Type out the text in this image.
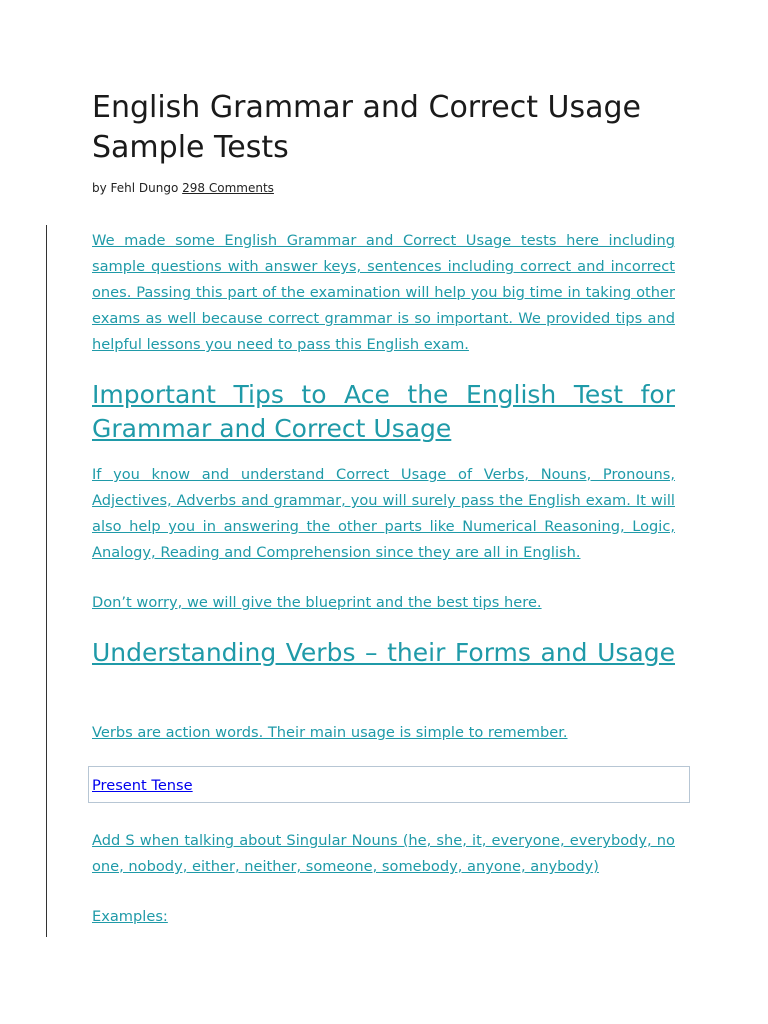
English Grammar and Correct Usage Sample Tests
by Fehl Dungo 298 Comments

We made some English Grammar and Correct Usage tests here including sample questions with answer keys, sentences including correct and incorrect ones. Passing this part of the examination will help you big time in taking other exams as well because correct grammar is so important. We provided tips and helpful lessons you need to pass this English exam.

Important Tips to Ace the English Test for Grammar and Correct Usage

If you know and understand Correct Usage of Verbs, Nouns, Pronouns, Adjectives, Adverbs and grammar, you will surely pass the English exam. It will also help you in answering the other parts like Numerical Reasoning, Logic, Analogy, Reading and Comprehension since they are all in English.

Don’t worry, we will give the blueprint and the best tips here.

Understanding Verbs – their Forms and Usage

Verbs are action words. Their main usage is simple to remember.

Add S when talking about Singular Nouns (he, she, it, everyone, everybody, no one, nobody, either, neither, someone, somebody, anyone, anybody)

Examples:

Present Tense
